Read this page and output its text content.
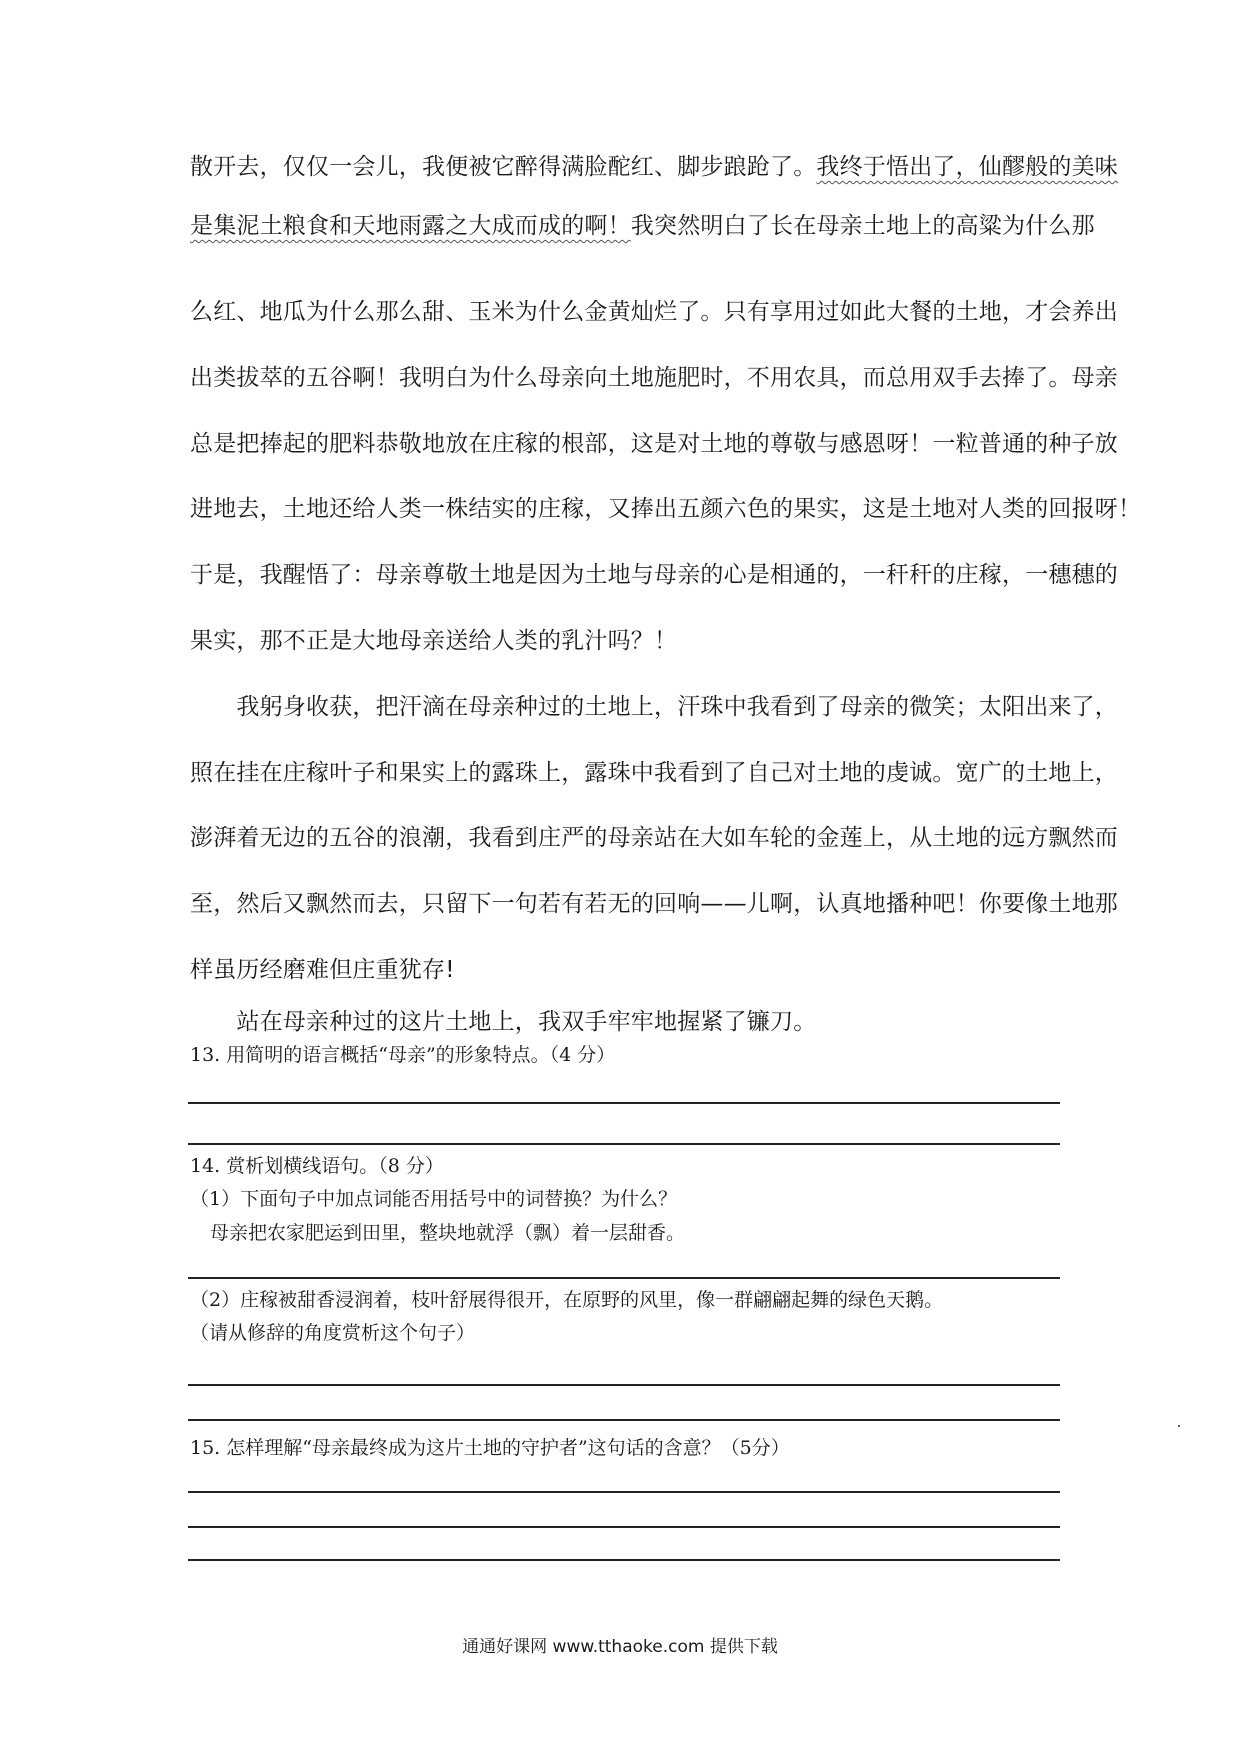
散开去，仅仅一会儿，我便被它醉得满脸酡红、脚步踉跄了。我终于悟出了，仙醪般的美味
是集泥土粮食和天地雨露之大成而成的啊！我突然明白了长在母亲土地上的高粱为什么那
么红、地瓜为什么那么甜、玉米为什么金黄灿烂了。只有享用过如此大餐的土地，才会养出
出类拔萃的五谷啊！我明白为什么母亲向土地施肥时，不用农具，而总用双手去捧了。母亲
总是把捧起的肥料恭敬地放在庄稼的根部，这是对土地的尊敬与感恩呀！一粒普通的种子放
进地去，土地还给人类一株结实的庄稼，又捧出五颜六色的果实，这是土地对人类的回报呀！
于是，我醒悟了：母亲尊敬土地是因为土地与母亲的心是相通的，一秆秆的庄稼，一穗穗的
果实，那不正是大地母亲送给人类的乳汁吗？！
　　我躬身收获，把汗滴在母亲种过的土地上，汗珠中我看到了母亲的微笑；太阳出来了，
照在挂在庄稼叶子和果实上的露珠上，露珠中我看到了自己对土地的虔诚。宽广的土地上，
澎湃着无边的五谷的浪潮，我看到庄严的母亲站在大如车轮的金莲上，从土地的远方飘然而
至，然后又飘然而去，只留下一句若有若无的回响——儿啊，认真地播种吧！你要像土地那
样虽历经磨难但庄重犹存!
　　站在母亲种过的这片土地上，我双手牢牢地握紧了镰刀。
13. 用简明的语言概括“母亲”的形象特点。（4 分）
14. 赏析划横线语句。（8 分）
（1）下面句子中加点词能否用括号中的词替换？为什么？
母亲把农家肥运到田里，整块地就浮（飘）着一层甜香。
（2）庄稼被甜香浸润着，枝叶舒展得很开，在原野的风里，像一群翩翩起舞的绿色天鹅。
（请从修辞的角度赏析这个句子）
15. 怎样理解“母亲最终成为这片土地的守护者”这句话的含意？（5分）
通通好课网 www.tthaoke.com 提供下载
